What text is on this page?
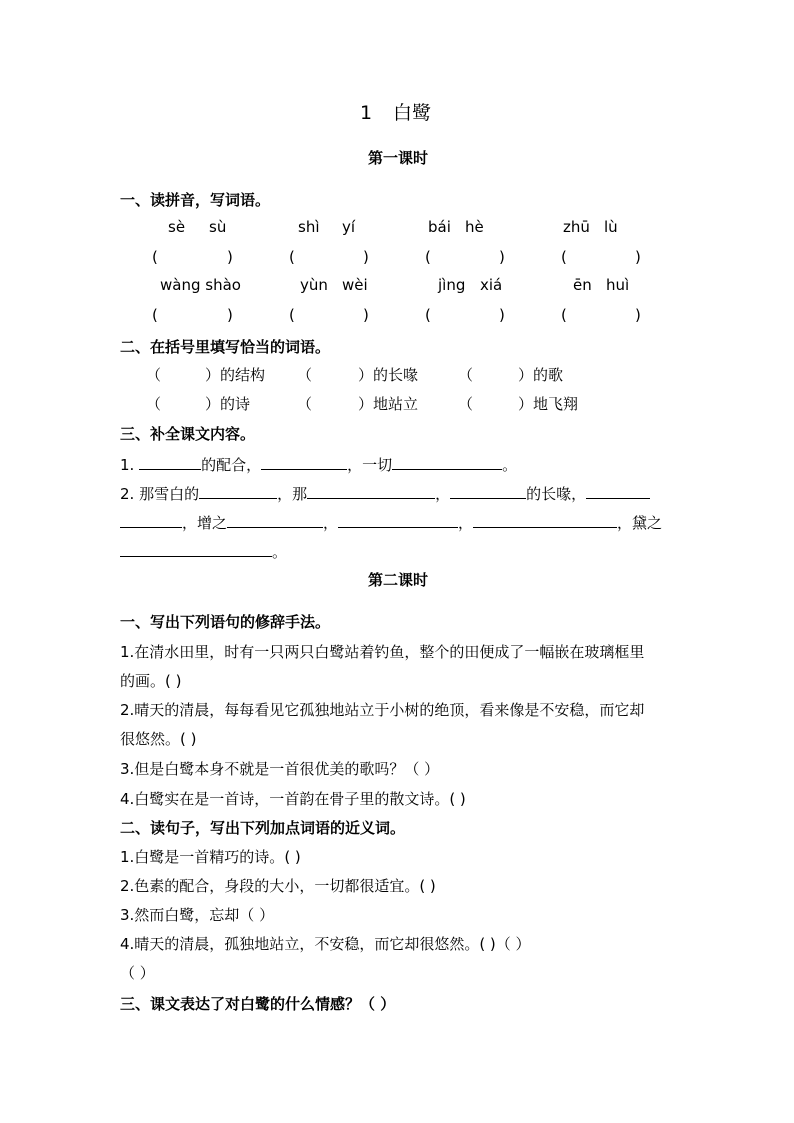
1 白鹭
第一课时
一、读拼音，写词语。
sè sù	shì yí	bái hè	zhū lù
(	)	(	)	(	)	(	)
wàng shào	yùn wèi	jìng xiá	ēn huì
(	)	(	)	(	)	(	)
二、在括号里填写恰当的词语。
（	）的结构 （	）的长喙	（	）的歌
（	）的诗	（	）地站立	（	）地飞翔
三、补全课文内容。
1.	的配合，	，一切	。
2. 那雪白的	，那	，	的长喙，
，增之	，	，	，黛之
。
第二课时
一、写出下列语句的修辞手法。
1.在清水田里，时有一只两只白鹭站着钓鱼，整个的田便成了一幅嵌在玻璃框里
的画。( )
2.晴天的清晨，每每看见它孤独地站立于小树的绝顶，看来像是不安稳，而它却
很悠然。( )
3.但是白鹭本身不就是一首很优美的歌吗？（ ）
4.白鹭实在是一首诗，一首韵在骨子里的散文诗。( )
二、读句子，写出下列加点词语的近义词。
1.白鹭是一首精巧的诗。( )
2.色素的配合，身段的大小，一切都很适宜。( )
3.然而白鹭，忘却（ ）
4.晴天的清晨，孤独地站立，不安稳，而它却很悠然。( )（ ）
（ ）
三、课文表达了对白鹭的什么情感？（ ）
